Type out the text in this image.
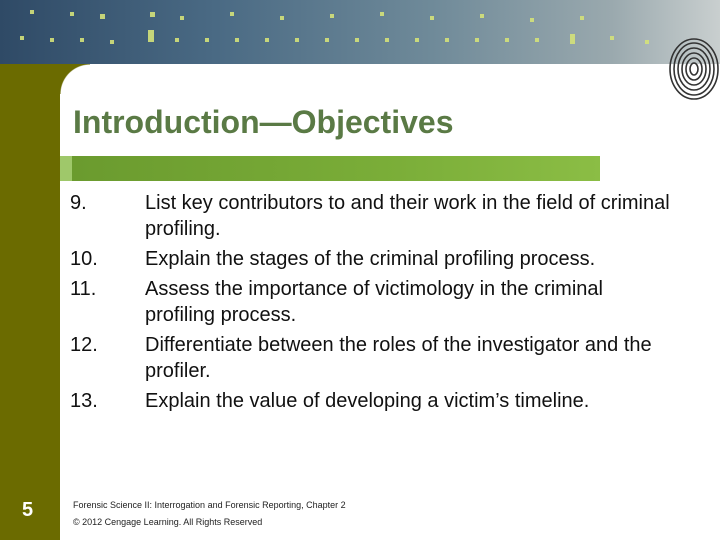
Introduction—Objectives
9.	List key contributors to and their work in the field of criminal profiling.
10.	Explain the stages of the criminal profiling process.
11.	Assess the importance of victimology in the criminal profiling process.
12.	Differentiate between the roles of the investigator and the profiler.
13.	Explain the value of developing a victim’s timeline.
5	Forensic Science II: Interrogation and Forensic Reporting, Chapter 2
© 2012 Cengage Learning. All Rights Reserved
